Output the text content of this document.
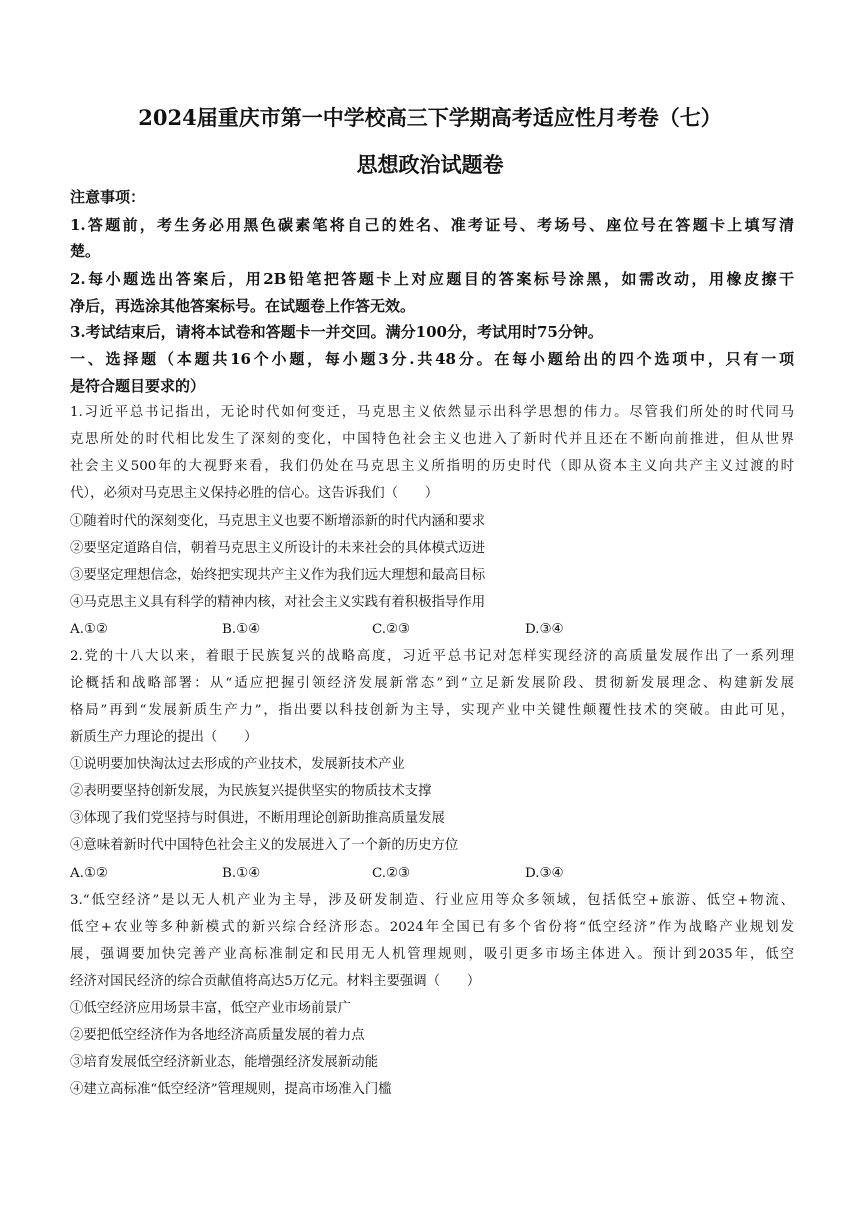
2024届重庆市第一中学校高三下学期高考适应性月考卷（七）
思想政治试题卷
注意事项：
1.答题前，考生务必用黑色碳素笔将自己的姓名、准考证号、考场号、座位号在答题卡上填写清
楚。
2.每小题选出答案后，用2B铅笔把答题卡上对应题目的答案标号涂黑，如需改动，用橡皮擦干
净后，再选涂其他答案标号。在试题卷上作答无效。
3.考试结束后，请将本试卷和答题卡一并交回。满分100分，考试用时75分钟。
一、选择题（本题共16个小题，每小题3分.共48分。在每小题给出的四个选项中，只有一项
是符合题目要求的）
1.习近平总书记指出，无论时代如何变迁，马克思主义依然显示出科学思想的伟力。尽管我们所处的时代同马
克思所处的时代相比发生了深刻的变化，中国特色社会主义也进入了新时代并且还在不断向前推进，但从世界
社会主义500年的大视野来看，我们仍处在马克思主义所指明的历史时代（即从资本主义向共产主义过渡的时
代），必须对马克思主义保持必胜的信心。这告诉我们（　　）
①随着时代的深刻变化，马克思主义也要不断增添新的时代内涵和要求
②要坚定道路自信，朝着马克思主义所设计的未来社会的具体模式迈进
③要坚定理想信念，始终把实现共产主义作为我们远大理想和最高目标
④马克思主义具有科学的精神内核，对社会主义实践有着积极指导作用
A.①②	B.①④	C.②③	D.③④
2.党的十八大以来，着眼于民族复兴的战略高度，习近平总书记对怎样实现经济的高质量发展作出了一系列理
论概括和战略部署：从“适应把握引领经济发展新常态”到“立足新发展阶段、贯彻新发展理念、构建新发展
格局”再到“发展新质生产力”，指出要以科技创新为主导，实现产业中关键性颠覆性技术的突破。由此可见，
新质生产力理论的提出（　　）
①说明要加快淘汰过去形成的产业技术，发展新技术产业
②表明要坚持创新发展，为民族复兴提供坚实的物质技术支撑
③体现了我们党坚持与时俱进，不断用理论创新助推高质量发展
④意味着新时代中国特色社会主义的发展进入了一个新的历史方位
A.①②	B.①④	C.②③	D.③④
3.“低空经济”是以无人机产业为主导，涉及研发制造、行业应用等众多领域，包括低空+旅游、低空+物流、
低空+农业等多种新模式的新兴综合经济形态。2024年全国已有多个省份将“低空经济”作为战略产业规划发
展，强调要加快完善产业高标准制定和民用无人机管理规则，吸引更多市场主体进入。预计到2035年，低空
经济对国民经济的综合贡献值将高达5万亿元。材料主要强调（　　）
①低空经济应用场景丰富，低空产业市场前景广
②要把低空经济作为各地经济高质量发展的着力点
③培育发展低空经济新业态，能增强经济发展新动能
④建立高标准“低空经济”管理规则，提高市场准入门槛
